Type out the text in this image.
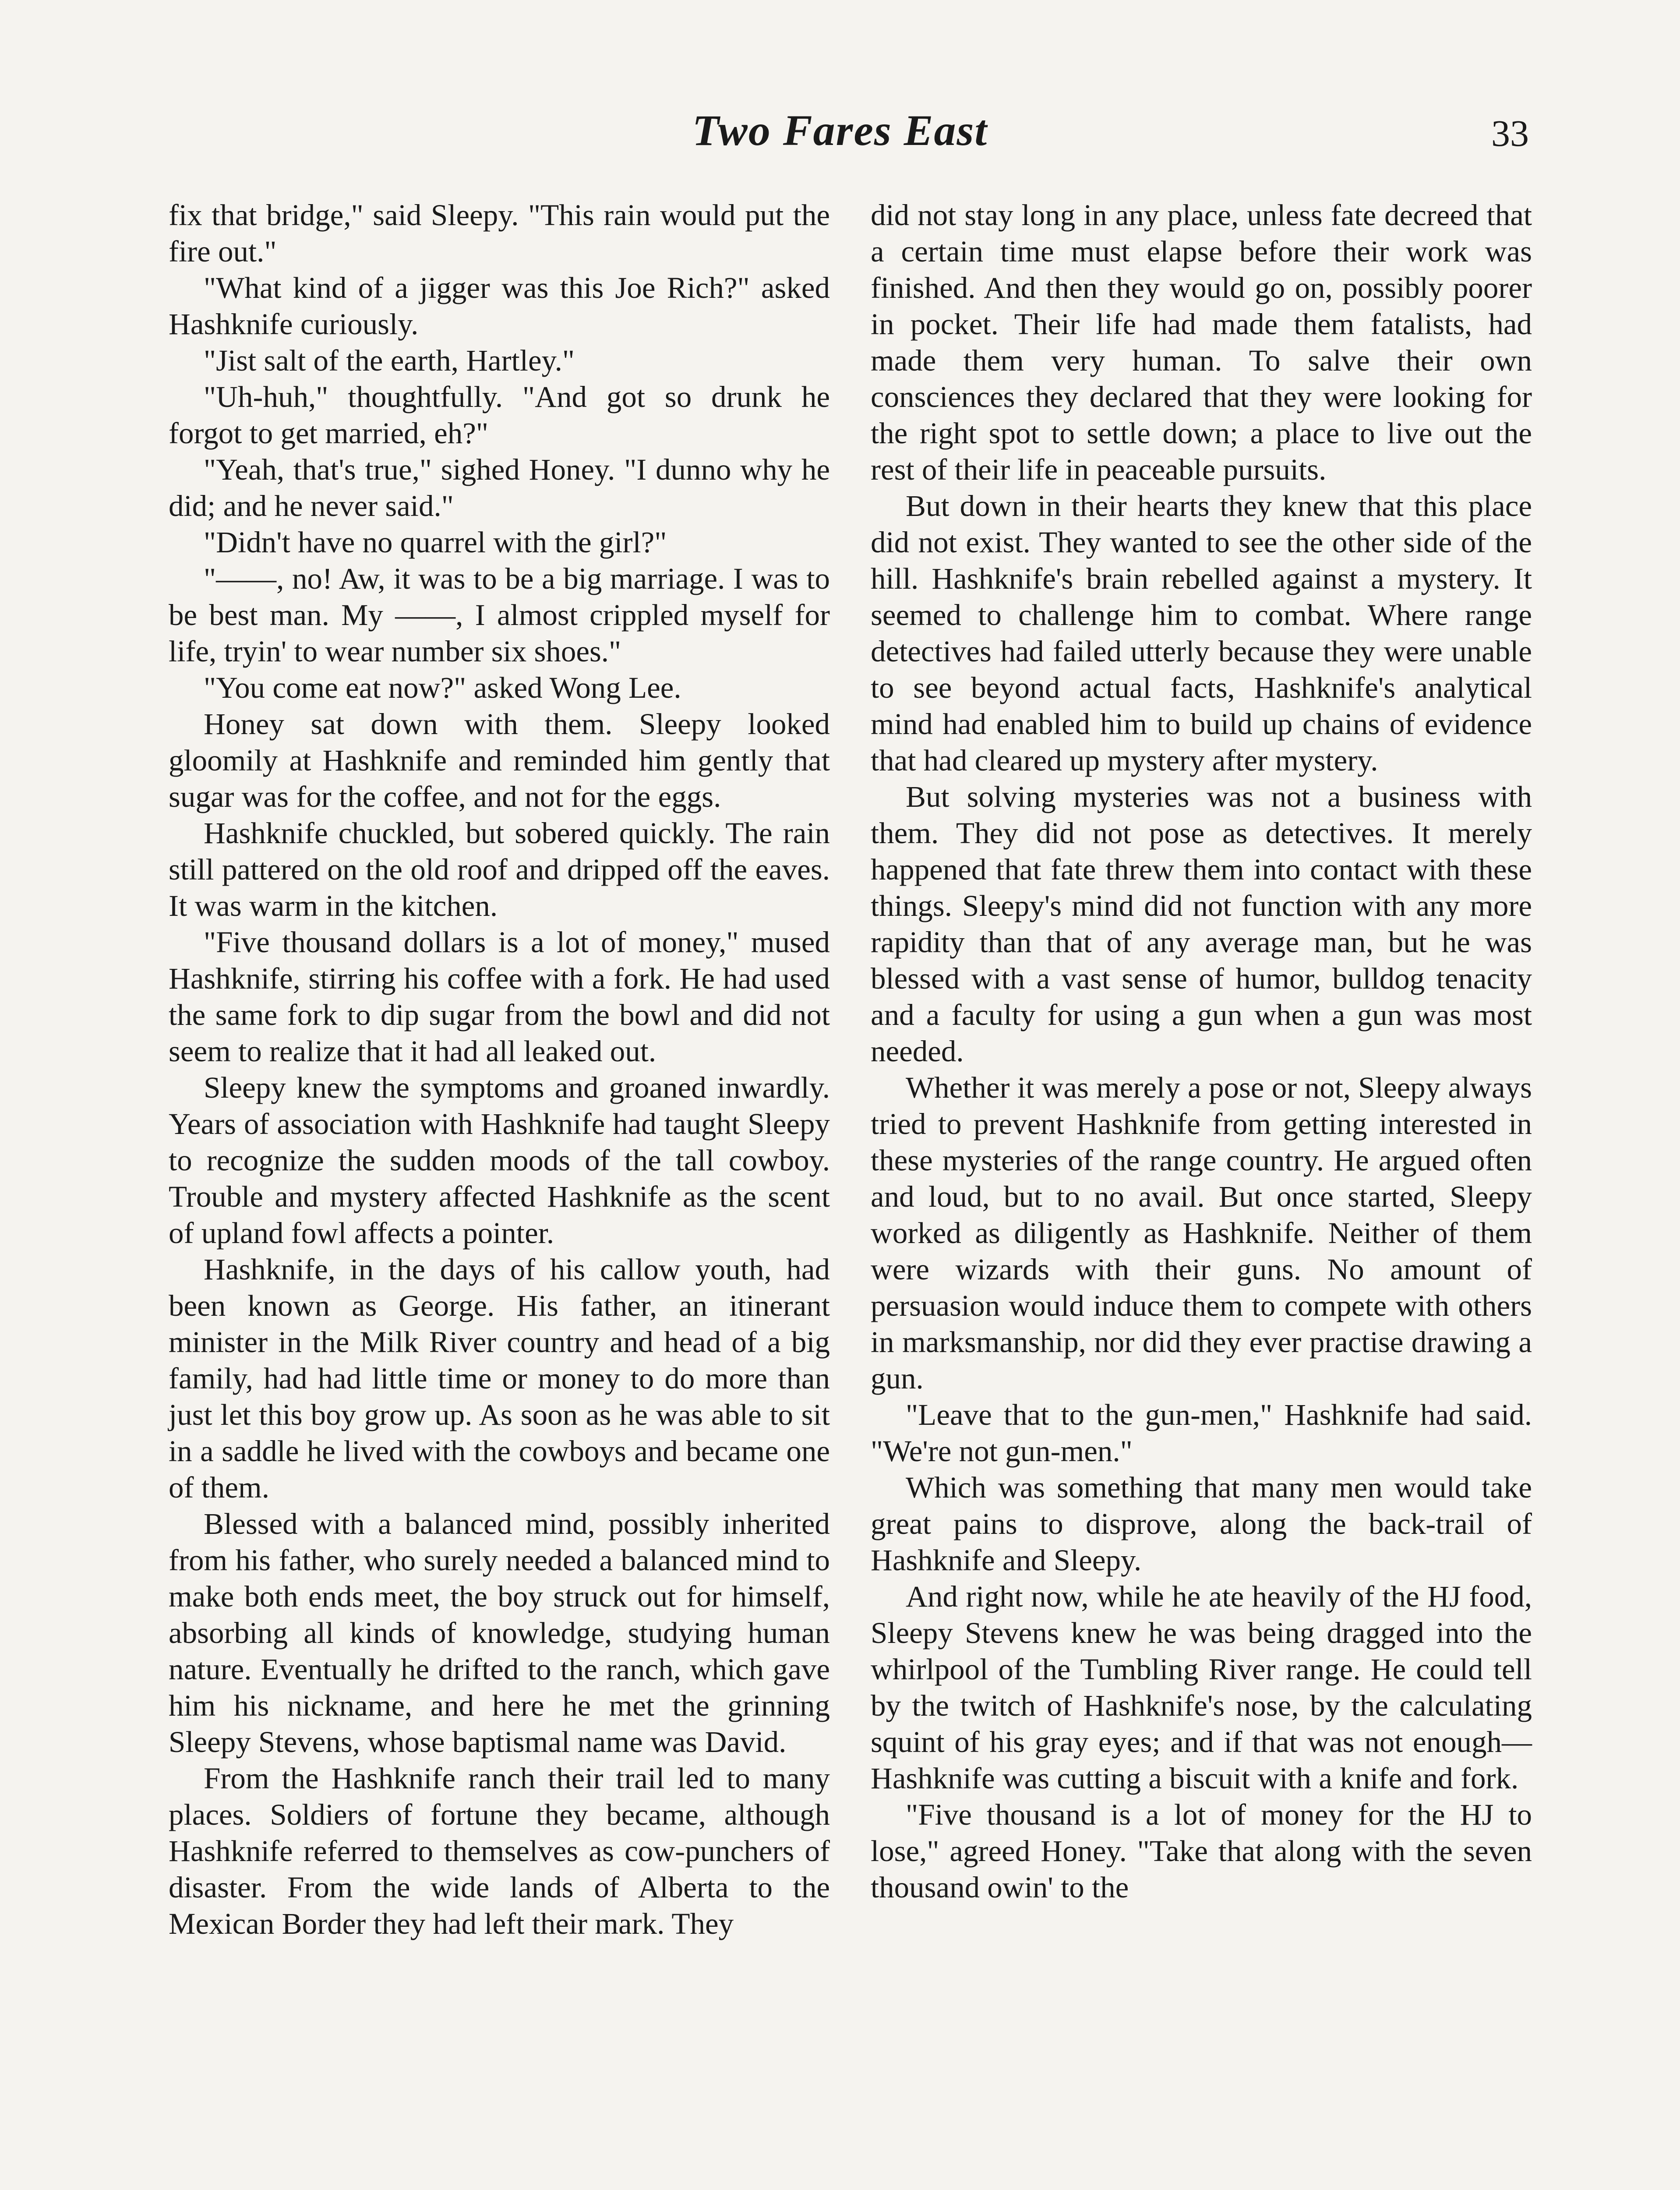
Two Fares East	33

fix that bridge," said Sleepy. "This rain would put the fire out."

"What kind of a jigger was this Joe Rich?" asked Hashknife curiously.

"Jist salt of the earth, Hartley."

"Uh-huh," thoughtfully. "And got so drunk he forgot to get married, eh?"

"Yeah, that's true," sighed Honey. "I dunno why he did; and he never said."

"Didn't have no quarrel with the girl?"

"——, no! Aw, it was to be a big marriage. I was to be best man. My ——, I almost crippled myself for life, tryin' to wear number six shoes."

"You come eat now?" asked Wong Lee.

Honey sat down with them. Sleepy looked gloomily at Hashknife and reminded him gently that sugar was for the coffee, and not for the eggs.

Hashknife chuckled, but sobered quickly. The rain still pattered on the old roof and dripped off the eaves. It was warm in the kitchen.

"Five thousand dollars is a lot of money," mused Hashknife, stirring his coffee with a fork. He had used the same fork to dip sugar from the bowl and did not seem to realize that it had all leaked out.

Sleepy knew the symptoms and groaned inwardly. Years of association with Hashknife had taught Sleepy to recognize the sudden moods of the tall cowboy. Trouble and mystery affected Hashknife as the scent of upland fowl affects a pointer.

Hashknife, in the days of his callow youth, had been known as George. His father, an itinerant minister in the Milk River country and head of a big family, had had little time or money to do more than just let this boy grow up. As soon as he was able to sit in a saddle he lived with the cowboys and became one of them.

Blessed with a balanced mind, possibly inherited from his father, who surely needed a balanced mind to make both ends meet, the boy struck out for himself, absorbing all kinds of knowledge, studying human nature. Eventually he drifted to the ranch, which gave him his nickname, and here he met the grinning Sleepy Stevens, whose baptismal name was David.

From the Hashknife ranch their trail led to many places. Soldiers of fortune they became, although Hashknife referred to themselves as cow-punchers of disaster. From the wide lands of Alberta to the Mexican Border they had left their mark. They

did not stay long in any place, unless fate decreed that a certain time must elapse before their work was finished. And then they would go on, possibly poorer in pocket. Their life had made them fatalists, had made them very human. To salve their own consciences they declared that they were looking for the right spot to settle down; a place to live out the rest of their life in peaceable pursuits.

But down in their hearts they knew that this place did not exist. They wanted to see the other side of the hill. Hashknife's brain rebelled against a mystery. It seemed to challenge him to combat. Where range detectives had failed utterly because they were unable to see beyond actual facts, Hashknife's analytical mind had enabled him to build up chains of evidence that had cleared up mystery after mystery.

But solving mysteries was not a business with them. They did not pose as detectives. It merely happened that fate threw them into contact with these things. Sleepy's mind did not function with any more rapidity than that of any average man, but he was blessed with a vast sense of humor, bulldog tenacity and a faculty for using a gun when a gun was most needed.

Whether it was merely a pose or not, Sleepy always tried to prevent Hashknife from getting interested in these mysteries of the range country. He argued often and loud, but to no avail. But once started, Sleepy worked as diligently as Hashknife. Neither of them were wizards with their guns. No amount of persuasion would induce them to compete with others in marksmanship, nor did they ever practise drawing a gun.

"Leave that to the gun-men," Hashknife had said. "We're not gun-men."

Which was something that many men would take great pains to disprove, along the back-trail of Hashknife and Sleepy.

And right now, while he ate heavily of the HJ food, Sleepy Stevens knew he was being dragged into the whirlpool of the Tumbling River range. He could tell by the twitch of Hashknife's nose, by the calculating squint of his gray eyes; and if that was not enough—Hashknife was cutting a biscuit with a knife and fork.

"Five thousand is a lot of money for the HJ to lose," agreed Honey. "Take that along with the seven thousand owin' to the
